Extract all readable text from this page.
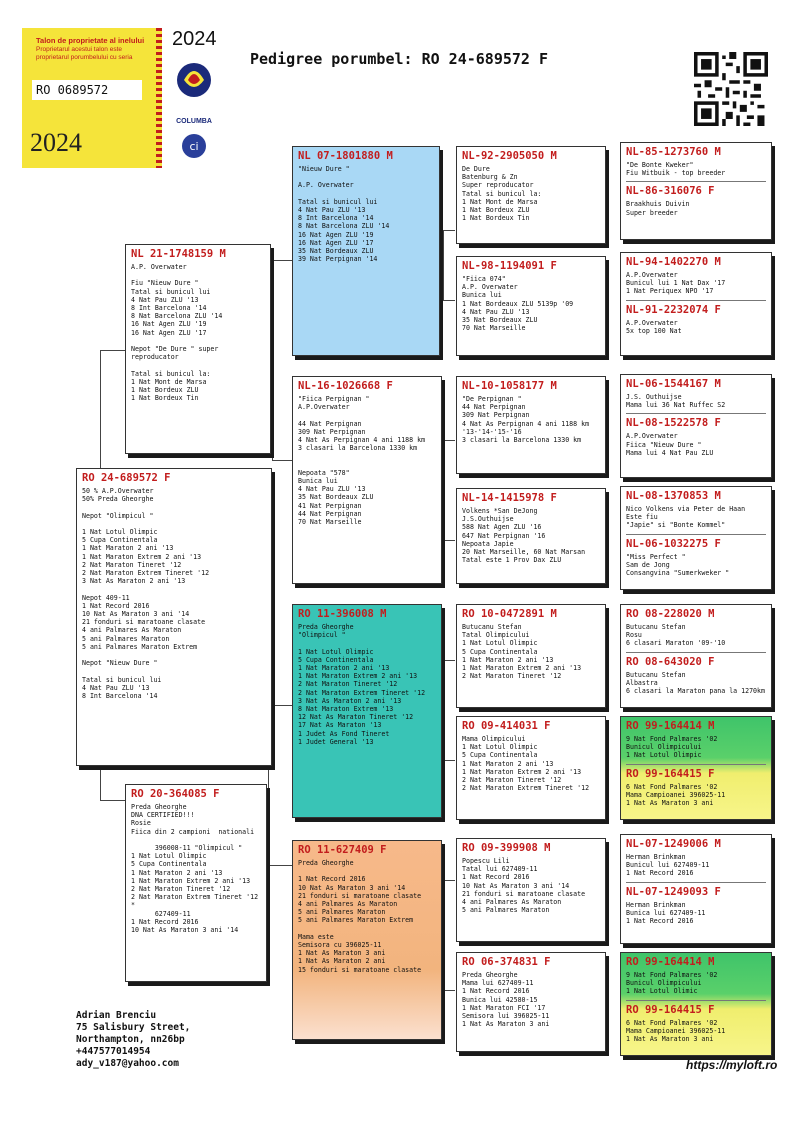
Talon de proprietate al inelului
Proprietarul acestui talon este
proprietarul porumbelului cu seria
RO 0689572
2024
2024
COLUMBA
ci
Pedigree porumbel: RO 24-689572 F
RO 24-689572 F
50 % A.P.Overwater
50% Preda Gheorghe

Nepot "Olimpicul "

1 Nat Lotul Olimpic
5 Cupa Continentala
1 Nat Maraton 2 ani '13
1 Nat Maraton Extrem 2 ani '13
2 Nat Maraton Tineret '12
2 Nat Maraton Extrem Tineret '12
3 Nat As Maraton 2 ani '13

Nepot 409-11
1 Nat Record 2016
10 Nat As Maraton 3 ani '14
21 fonduri si maratoane clasate
4 ani Palmares As Maraton
5 ani Palmares Maraton
5 ani Palmares Maraton Extrem

Nepot "Nieuw Dure "

Tatal si bunicul lui
4 Nat Pau ZLU '13
8 Int Barcelona '14
NL 21-1748159 M
A.P. Overwater

Fiu "Nieuw Dure "
Tatal si bunicul lui
4 Nat Pau ZLU '13
8 Int Barcelona '14
8 Nat Barcelona ZLU '14
16 Nat Agen ZLU '19
16 Nat Agen ZLU '17

Nepot "De Dure " super
reproducator

Tatal si bunicul la:
1 Nat Mont de Marsa
1 Nat Bordeux ZLU
1 Nat Bordeux Tin
RO 20-364085 F
Preda Gheorghe
DNA CERTIFIED!!!
Rosie
Fiica din 2 campioni  nationali

396008-11 "Olimpicul "
1 Nat Lotul Olimpic
5 Cupa Continentala
1 Nat Maraton 2 ani '13
1 Nat Maraton Extrem 2 ani '13
2 Nat Maraton Tineret '12
2 Nat Maraton Extrem Tineret '12
*
627409-11
1 Nat Record 2016
10 Nat As Maraton 3 ani '14
NL 07-1801880 M
"Nieuw Dure "

A.P. Overwater

Tatal si bunicul lui
4 Nat Pau ZLU '13
8 Int Barcelona '14
8 Nat Barcelona ZLU '14
16 Nat Agen ZLU '19
16 Nat Agen ZLU '17
35 Nat Bordeaux ZLU
39 Nat Perpignan '14
NL-16-1026668 F
"Fiica Perpignan "
A.P.Overwater

44 Nat Perpignan
309 Nat Perpignan
4 Nat As Perpignan 4 ani 1188 km
3 clasari la Barcelona 1330 km

Nepoata "578"
Bunica lui
4 Nat Pau ZLU '13
35 Nat Bordeaux ZLU
41 Nat Perpignan
44 Nat Perpignan
70 Nat Marseille
RO 11-396008 M
Preda Gheorghe
"Olimpicul "

1 Nat Lotul Olimpic
5 Cupa Continentala
1 Nat Maraton 2 ani '13
1 Nat Maraton Extrem 2 ani '13
2 Nat Maraton Tineret '12
2 Nat Maraton Extrem Tineret '12
3 Nat As Maraton 2 ani '13
8 Nat Maraton Extrem '13
12 Nat As Maraton Tineret '12
17 Nat As Maraton '13
1 Judet As Fond Tineret
1 Judet General '13
RO 11-627409 F
Preda Gheorghe

1 Nat Record 2016
10 Nat As Maraton 3 ani '14
21 fonduri si maratoane clasate
4 ani Palmares As Maraton
5 ani Palmares Maraton
5 ani Palmares Maraton Extrem

Mama este
Semisora cu 396025-11
1 Nat As Maraton 3 ani
1 Nat As Maraton 2 ani
15 fonduri si maratoane clasate
NL-92-2905050 M
De Dure
Batenburg & Zn
Super reproducator
Tatal si bunicul la:
1 Nat Mont de Marsa
1 Nat Bordeux ZLU
1 Nat Bordeux Tin
NL-98-1194091 F
"Fiica 074"
A.P. Overwater
Bunica lui
1 Nat Bordeaux ZLU 5139p '09
4 Nat Pau ZLU '13
35 Nat Bordeaux ZLU
70 Nat Marseille
NL-10-1058177 M
"De Perpignan "
44 Nat Perpignan
309 Nat Perpignan
4 Nat As Perpignan 4 ani 1188 km
'13-'14-'15-'16
3 clasari la Barcelona 1330 km
NL-14-1415978 F
Volkens *San DeJong
J.S.Outhuijse
588 Nat Agen ZLU '16
647 Nat Perpignan '16
Nepoata Japie
20 Nat Marseille, 60 Nat Marsan
Tatal este 1 Prov Dax ZLU
RO 10-0472891 M
Butucanu Stefan
Tatal Olimpicului
1 Nat Lotul Olimpic
5 Cupa Continentala
1 Nat Maraton 2 ani '13
1 Nat Maraton Extrem 2 ani '13
2 Nat Maraton Tineret '12
RO 09-414031 F
Mama Olimpicului
1 Nat Lotul Olimpic
5 Cupa Continentala
1 Nat Maraton 2 ani '13
1 Nat Maraton Extrem 2 ani '13
2 Nat Maraton Tineret '12
2 Nat Maraton Extrem Tineret '12
RO 09-399908 M
Popescu Lili
Tatal lui 627409-11
1 Nat Record 2016
10 Nat As Maraton 3 ani '14
21 fonduri si maratoane clasate
4 ani Palmares As Maraton
5 ani Palmares Maraton
RO 06-374831 F
Preda Gheorghe
Mama lui 627409-11
1 Nat Record 2016
Bunica lui 42580-15
1 Nat Maraton FCI '17
Semisora lui 396025-11
1 Nat As Maraton 3 ani
NL-85-1273760 M
"De Bonte Kweker"
Fiu Witbuik - top breeder
NL-86-316076 F
Braakhuis Duivin
Super breeder
NL-94-1402270 M
A.P.Overwater
Bunicul lui 1 Nat Dax '17
1 Nat Periquex NPO '17
NL-91-2232074 F
A.P.Overwater
5x top 100 Nat
NL-06-1544167 M
J.S. Outhuijse
Mama lui 36 Nat Ruffec S2
NL-08-1522578 F
A.P.Overwater
Fiica "Nieuw Dure "
Mama lui 4 Nat Pau ZLU
NL-08-1370853 M
Nico Volkens via Peter de Haan
Este fiu
"Japie" si "Bonte Kommel"
NL-06-1032275 F
"Miss Perfect "
Sam de Jong
Consangvina "Sumerkweker "
RO 08-228020 M
Butucanu Stefan
Rosu
6 clasari Maraton '09-'10
RO 08-643020 F
Butucanu Stefan
Albastra
6 clasari la Maraton pana la 1270km
RO 99-164414 M
9 Nat Fond Palmares '02
Bunicul Olimpicului
1 Nat Lotul Olimpic
RO 99-164415 F
6 Nat Fond Palmares '02
Mama Campioanei 396025-11
1 Nat As Maraton 3 ani
NL-07-1249006 M
Herman Brinkman
Bunicul lui 627409-11
1 Nat Record 2016
NL-07-1249093 F
Herman Brinkman
Bunica lui 627409-11
1 Nat Record 2016
RO 99-164414 M
9 Nat Fond Palmares '02
Bunicul Olimpicului
1 Nat Lotul Olimic
RO 99-164415 F
6 Nat Fond Palmares '02
Mama Campioanei 396025-11
1 Nat As Maraton 3 ani
Adrian Brenciu
75 Salisbury Street,
Northampton, nn26bp
+447577014954
ady_v187@yahoo.com	https://myloft.ro
